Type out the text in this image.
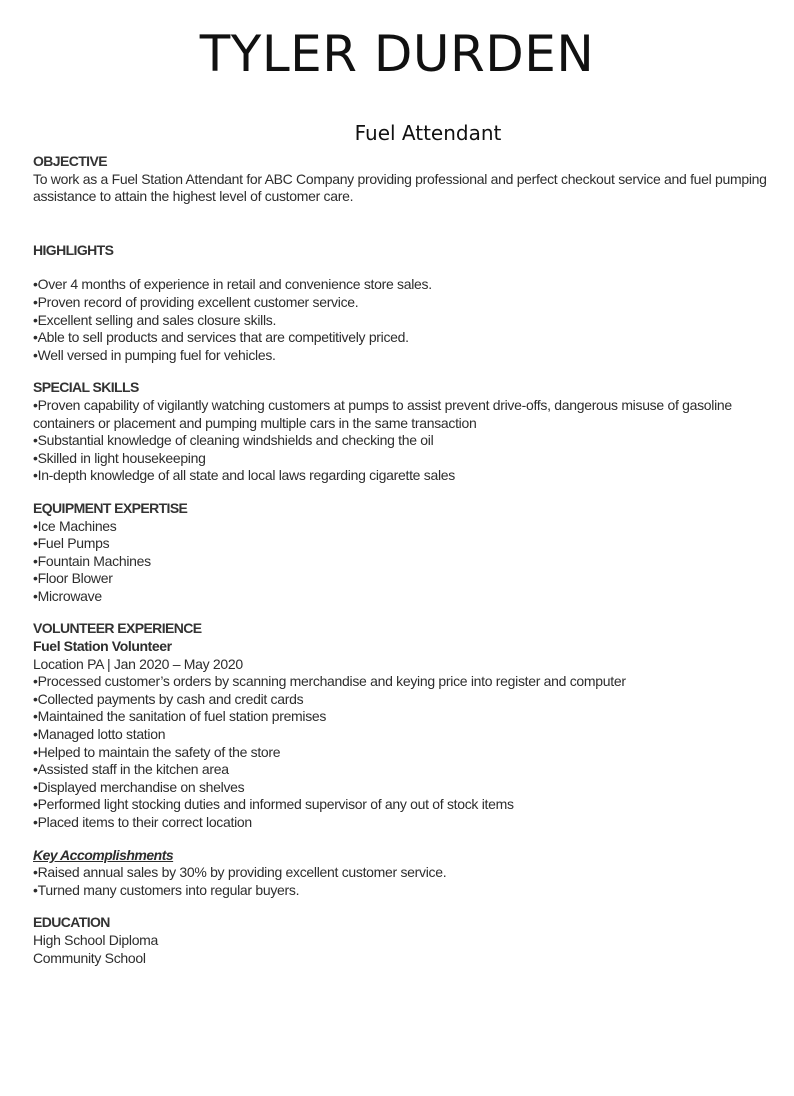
TYLER DURDEN
Fuel Attendant
OBJECTIVE
To work as a Fuel Station Attendant for ABC Company providing professional and perfect checkout service and fuel pumping assistance to attain the highest level of customer care.
HIGHLIGHTS
• Over 4 months of experience in retail and convenience store sales.
• Proven record of providing excellent customer service.
• Excellent selling and sales closure skills.
• Able to sell products and services that are competitively priced.
• Well versed in pumping fuel for vehicles.
SPECIAL SKILLS
• Proven capability of vigilantly watching customers at pumps to assist prevent drive-offs, dangerous misuse of gasoline containers or placement and pumping multiple cars in the same transaction
• Substantial knowledge of cleaning windshields and checking the oil
• Skilled in light housekeeping
• In-depth knowledge of all state and local laws regarding cigarette sales
EQUIPMENT EXPERTISE
• Ice Machines
• Fuel Pumps
• Fountain Machines
• Floor Blower
• Microwave
VOLUNTEER EXPERIENCE
Fuel Station Volunteer
Location PA | Jan 2020 – May 2020
• Processed customer’s orders by scanning merchandise and keying price into register and computer
• Collected payments by cash and credit cards
• Maintained the sanitation of fuel station premises
• Managed lotto station
• Helped to maintain the safety of the store
• Assisted staff in the kitchen area
• Displayed merchandise on shelves
• Performed light stocking duties and informed supervisor of any out of stock items
• Placed items to their correct location
Key Accomplishments
• Raised annual sales by 30% by providing excellent customer service.
• Turned many customers into regular buyers.
EDUCATION
High School Diploma
Community School
